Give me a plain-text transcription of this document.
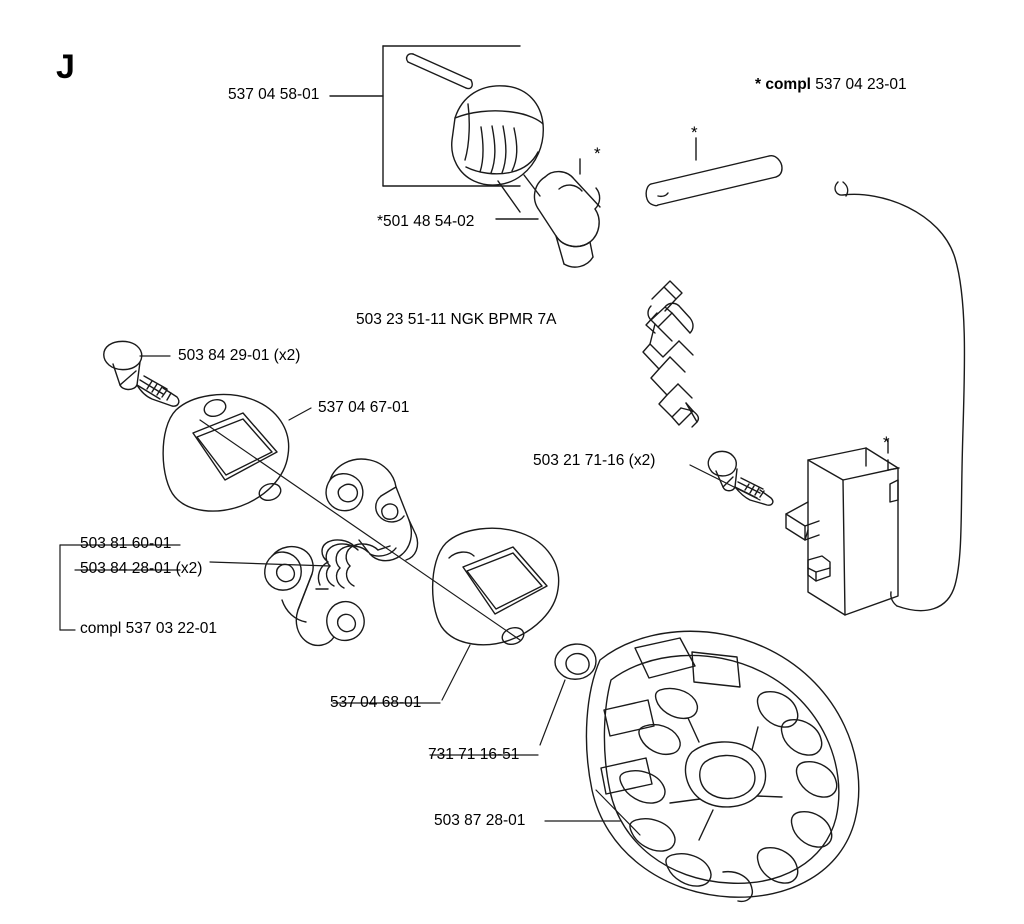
J
537 04 58-01
* compl 537 04 23-01
*501 48 54-02
*
*
*
503 23 51-11 NGK BPMR 7A
503 84 29-01 (x2)
537 04 67-01
503 81 60-01
503 84 28-01 (x2)
compl 537 03 22-01
537 04 68-01
731 71 16-51
503 87 28-01
503 21 71-16 (x2)
